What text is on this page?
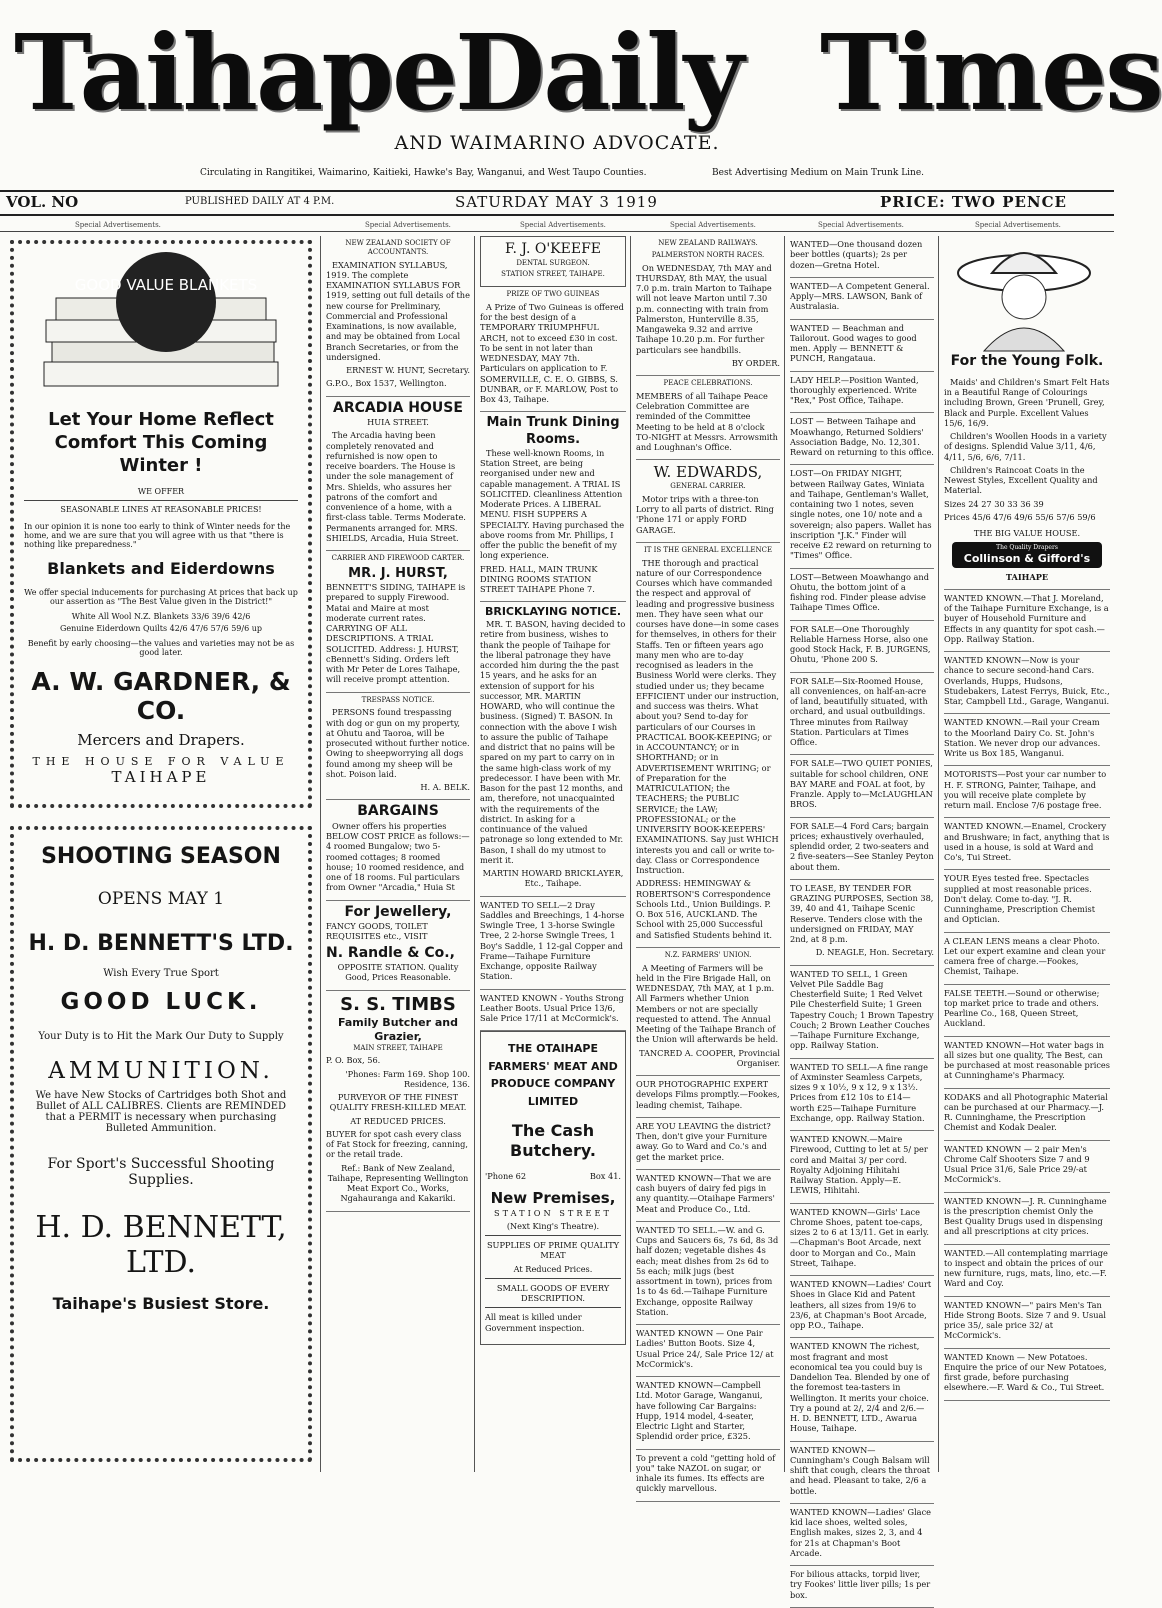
Taihape
Daily Times
AND WAIMARINO ADVOCATE.
Circulating in Rangitikei, Waimarino, Kaitieki, Hawke's Bay, Wanganui, and West Taupo Counties.	Best Advertising Medium on Main Trunk Line.
VOL. NO	PUBLISHED DAILY AT 4 P.M.	SATURDAY MAY 3 1919	PRICE: TWO PENCE
Special Advertisements.	Special Advertisements.	Special Advertisements.	Special Advertisements.	Special Advertisements.	Special Advertisements.
GOOD VALUE BLANKETS
Let Your Home Reflect Comfort This Coming Winter !

WE OFFER

SEASONABLE LINES AT REASONABLE PRICES!

In our opinion it is none too early to think of Winter needs for the home, and we are sure that you will agree with us that "there is nothing like preparedness."

Blankets and Eiderdowns

We offer special inducements for purchasing At prices that back up our assertion as "The Best Value given in the District!"

White All Wool N.Z. Blankets 33/6 39/6 42/6

Genuine Eiderdown Quilts 42/6 47/6 57/6 59/6 up

Benefit by early choosing—the values and varieties may not be as good later.

A. W. GARDNER, & CO.
Mercers and Drapers.
THE HOUSE FOR VALUE
TAIHAPE
SHOOTING SEASON
OPENS MAY 1
H. D. BENNETT'S LTD.

Wish Every True Sport

GOOD LUCK.

Your Duty is to Hit the Mark Our Duty to Supply

AMMUNITION.

We have New Stocks of Cartridges both Shot and Bullet of ALL CALIBRES. Clients are REMINDED that a PERMIT is necessary when purchasing Bulleted Ammunition.

For Sport's Successful Shooting Supplies.
H. D. BENNETT, LTD.
Taihape's Busiest Store.

NEW ZEALAND SOCIETY OF ACCOUNTANTS.

EXAMINATION SYLLABUS, 1919. The complete EXAMINATION SYLLABUS FOR 1919, setting out full details of the new course for Preliminary, Commercial and Professional Examinations, is now available, and may be obtained from Local Branch Secretaries, or from the undersigned.

ERNEST W. HUNT, Secretary.

G.P.O., Box 1537, Wellington.

ARCADIA HOUSE

HUIA STREET.

The Arcadia having been completely renovated and refurnished is now open to receive boarders. The House is under the sole management of Mrs. Shields, who assures her patrons of the comfort and convenience of a home, with a first-class table. Terms Moderate. Permanents arranged for. MRS. SHIELDS, Arcadia, Huia Street.

CARRIER AND FIREWOOD CARTER.

MR. J. HURST,

BENNETT'S SIDING, TAIHAPE is prepared to supply Firewood. Matai and Maire at most moderate current rates. CARRYING OF ALL DESCRIPTIONS. A TRIAL SOLICITED. Address: J. HURST, cBennett's Siding. Orders left with Mr Peter de Lores Taihape, will receive prompt attention.

TRESPASS NOTICE.

PERSONS found trespassing with dog or gun on my property, at Ohutu and Taoroa, will be prosecuted without further notice. Owing to sheepworrying all dogs found among my sheep will be shot. Poison laid.

H. A. BELK.

BARGAINS

Owner offers his properties BELOW COST PRICE as follows:—4 roomed Bungalow; two 5-roomed cottages; 8 roomed house; 10 roomed residence, and one of 18 rooms. Ful particulars from Owner "Arcadia," Huia St

For Jewellery,

FANCY GOODS, TOILET REQUISITES etc., VISIT

N. Randle & Co.,

OPPOSITE STATION. Quality Good, Prices Reasonable.

S. S. TIMBS
Family Butcher and Grazier,

MAIN STREET, TAIHAPE

P. O. Box, 56.

'Phones: Farm 169. Shop 100. Residence, 136.

PURVEYOR OF THE FINEST QUALITY FRESH-KILLED MEAT.

AT REDUCED PRICES.

BUYER for spot cash every class of Fat Stock for freezing, canning, or the retail trade.

Ref.: Bank of New Zealand, Taihape, Representing Wellington Meat Export Co., Works, Ngahauranga and Kakariki.

F. J. O'KEEFE

DENTAL SURGEON.

STATION STREET, TAIHAPE.

PRIZE OF TWO GUINEAS

A Prize of Two Guineas is offered for the best design of a TEMPORARY TRIUMPHFUL ARCH, not to exceed £30 in cost. To be sent in not later than WEDNESDAY, MAY 7th. Particulars on application to F. SOMERVILLE, C. E. O. GIBBS, S. DUNBAR, or F. MARLOW, Post to Box 43, Taihape.

Main Trunk Dining Rooms.

These well-known Rooms, in Station Street, are being reorganised under new and capable management. A TRIAL IS SOLICITED. Cleanliness Attention Moderate Prices. A LIBERAL MENU. FISH SUPPERS A SPECIALTY. Having purchased the above rooms from Mr. Phillips, I offer the public the benefit of my long experience.

FRED. HALL, MAIN TRUNK DINING ROOMS STATION STREET TAIHAPE Phone 7.

BRICKLAYING NOTICE.

MR. T. BASON, having decided to retire from business, wishes to thank the people of Taihape for the liberal patronage they have accorded him during the the past 15 years, and he asks for an extension of support for his successor, MR. MARTIN HOWARD, who will continue the business. (Signed) T. BASON. In connection with the above I wish to assure the public of Taihape and district that no pains will be spared on my part to carry on in the same high-class work of my predecessor. I have been with Mr. Bason for the past 12 months, and am, therefore, not unacquainted with the requirements of the district. In asking for a continuance of the valued patronage so long extended to Mr. Bason, I shall do my utmost to merit it.

MARTIN HOWARD BRICKLAYER, Etc., Taihape.

WANTED TO SELL—2 Dray Saddles and Breechings, 1 4-horse Swingle Tree, 1 3-horse Swingle Tree, 2 2-horse Swingle Trees, 1 Boy's Saddle, 1 12-gal Copper and Frame—Taihape Furniture Exchange, opposite Railway Station.

WANTED KNOWN - Youths Strong Leather Boots. Usual Price 13/6, Sale Price 17/11 at McCormick's.

THE OTAIHAPE FARMERS' MEAT AND PRODUCE COMPANY LIMITED
The Cash Butchery.

'Phone 62	Box 41.

New Premises,

STATION STREET

(Next King's Theatre).

SUPPLIES OF PRIME QUALITY MEAT

At Reduced Prices.

SMALL GOODS OF EVERY DESCRIPTION.

All meat is killed under Government inspection.

NEW ZEALAND RAILWAYS.

PALMERSTON NORTH RACES.

On WEDNESDAY, 7th MAY and THURSDAY, 8th MAY, the usual 7.0 p.m. train Marton to Taihape will not leave Marton until 7.30 p.m. connecting with train from Palmerston, Hunterville 8.35, Mangaweka 9.32 and arrive Taihape 10.20 p.m. For further particulars see handbills.

BY ORDER.

PEACE CELEBRATIONS.

MEMBERS of all Taihape Peace Celebration Committee are reminded of the Committee Meeting to be held at 8 o'clock TO-NIGHT at Messrs. Arrowsmith and Loughnan's Office.

W. EDWARDS,

GENERAL CARRIER.

Motor trips with a three-ton Lorry to all parts of district. Ring 'Phone 171 or apply FORD GARAGE.

IT IS THE GENERAL EXCELLENCE

THE thorough and practical nature of our Correspondence Courses which have commanded the respect and approval of leading and progressive business men. They have seen what our courses have done—in some cases for themselves, in others for their Staffs. Ten or fifteen years ago many men who are to-day recognised as leaders in the Business World were clerks. They studied under us; they became EFFICIENT under our instruction, and success was theirs. What about you? Send to-day for particulars of our Courses in PRACTICAL BOOK-KEEPING; or in ACCOUNTANCY; or in SHORTHAND; or in ADVERTISEMENT WRITING; or of Preparation for the MATRICULATION; the TEACHERS; the PUBLIC SERVICE; the LAW; PROFESSIONAL; or the UNIVERSITY BOOK-KEEPERS' EXAMINATIONS. Say just WHICH interests you and call or write to-day. Class or Correspondence Instruction.

ADDRESS: HEMINGWAY & ROBERTSON'S Correspondence Schools Ltd., Union Buildings. P. O. Box 516, AUCKLAND. The School with 25,000 Successful and Satisfied Students behind it.

N.Z. FARMERS' UNION.

A Meeting of Farmers will be held in the Fire Brigade Hall, on WEDNESDAY, 7th MAY, at 1 p.m. All Farmers whether Union Members or not are specially requested to attend. The Annual Meeting of the Taihape Branch of the Union will afterwards be held.

TANCRED A. COOPER, Provincial Organiser.

OUR PHOTOGRAPHIC EXPERT develops Films promptly.—Fookes, leading chemist, Taihape.

ARE YOU LEAVING the district? Then, don't give your Furniture away. Go to Ward and Co.'s and get the market price.

WANTED KNOWN—That we are cash buyers of dairy fed pigs in any quantity.—Otaihape Farmers' Meat and Produce Co., Ltd.

WANTED TO SELL.—W. and G. Cups and Saucers 6s, 7s 6d, 8s 3d half dozen; vegetable dishes 4s each; meat dishes from 2s 6d to 5s each; milk jugs (best assortment in town), prices from 1s to 4s 6d.—Taihape Furniture Exchange, opposite Railway Station.

WANTED KNOWN — One Pair Ladies' Button Boots. Size 4, Usual Price 24/, Sale Price 12/ at McCormick's.

WANTED KNOWN—Campbell Ltd. Motor Garage, Wanganui, have following Car Bargains: Hupp, 1914 model, 4-seater, Electric Light and Starter, Splendid order price, £325.

To prevent a cold "getting hold of you" take NAZOL on sugar, or inhale its fumes. Its effects are quickly marvellous.

WANTED—One thousand dozen beer bottles (quarts); 2s per dozen—Gretna Hotel.

WANTED—A Competent General. Apply—MRS. LAWSON, Bank of Australasia.

WANTED — Beachman and Tailorout. Good wages to good men. Apply — BENNETT & PUNCH, Rangataua.

LADY HELP.—Position Wanted, thoroughly experienced. Write "Rex," Post Office, Taihape.

LOST — Between Taihape and Moawhango, Returned Soldiers' Association Badge, No. 12,301. Reward on returning to this office.

LOST—On FRIDAY NIGHT, between Railway Gates, Winiata and Taihape, Gentleman's Wallet, containing two 1 notes, seven single notes, one 10/ note and a sovereign; also papers. Wallet has inscription "J.K." Finder will receive £2 reward on returning to "Times" Office.

LOST—Between Moawhango and Ohutu, the bottom joint of a fishing rod. Finder please advise Taihape Times Office.

FOR SALE—One Thoroughly Reliable Harness Horse, also one good Stock Hack, F. B. JURGENS, Ohutu, 'Phone 200 S.

FOR SALE—Six-Roomed House, all conveniences, on half-an-acre of land, beautifully situated, with orchard, and usual outbuildings. Three minutes from Railway Station. Particulars at Times Office.

FOR SALE—TWO QUIET PONIES, suitable for school children, ONE BAY MARE and FOAL at foot, by Franzle. Apply to—McLAUGHLAN BROS.

FOR SALE—4 Ford Cars; bargain prices; exhaustively overhauled, splendid order, 2 two-seaters and 2 five-seaters—See Stanley Peyton about them.

TO LEASE, BY TENDER FOR GRAZING PURPOSES, Section 38, 39, 40 and 41, Taihape Scenic Reserve. Tenders close with the undersigned on FRIDAY, MAY 2nd, at 8 p.m.

D. NEAGLE, Hon. Secretary.

WANTED TO SELL, 1 Green Velvet Pile Saddle Bag Chesterfield Suite; 1 Red Velvet Pile Chesterfield Suite; 1 Green Tapestry Couch; 1 Brown Tapestry Couch; 2 Brown Leather Couches—Taihape Furniture Exchange, opp. Railway Station.

WANTED TO SELL—A fine range of Axminster Seamless Carpets, sizes 9 x 10½, 9 x 12, 9 x 13½. Prices from £12 10s to £14—worth £25—Taihape Furniture Exchange, opp. Railway Station.

WANTED KNOWN.—Maire Firewood, Cutting to let at 5/ per cord and Maitai 3/ per cord. Royalty Adjoining Hihitahi Railway Station. Apply—E. LEWIS, Hihitahi.

WANTED KNOWN—Girls' Lace Chrome Shoes, patent toe-caps, sizes 2 to 6 at 13/11. Get in early.—Chapman's Boot Arcade, next door to Morgan and Co., Main Street, Taihape.

WANTED KNOWN—Ladies' Court Shoes in Glace Kid and Patent leathers, all sizes from 19/6 to 23/6, at Chapman's Boot Arcade, opp P.O., Taihape.

WANTED KNOWN The richest, most fragrant and most economical tea you could buy is Dandelion Tea. Blended by one of the foremost tea-tasters in Wellington. It merits your choice. Try a pound at 2/, 2/4 and 2/6.—H. D. BENNETT, LTD., Awarua House, Taihape.

WANTED KNOWN—Cunningham's Cough Balsam will shift that cough, clears the throat and head. Pleasant to take, 2/6 a bottle.

WANTED KNOWN—Ladies' Glace kid lace shoes, welted soles, English makes, sizes 2, 3, and 4 for 21s at Chapman's Boot Arcade.

For bilious attacks, torpid liver, try Fookes' little liver pills; 1s per box.

For the Young Folk.

Maids' and Children's Smart Felt Hats in a Beautiful Range of Colourings including Brown, Green 'Prunell, Grey, Black and Purple. Excellent Values 15/6, 16/9.

Children's Woollen Hoods in a variety of designs. Splendid Value 3/11, 4/6, 4/11, 5/6, 6/6, 7/11.

Children's Raincoat Coats in the Newest Styles, Excellent Quality and Material.

Sizes 24 27 30 33 36 39

Prices 45/6 47/6 49/6 55/6 57/6 59/6

THE BIG VALUE HOUSE.

The Quality Drapers
Collinson & Gifford's

TAIHAPE

WANTED KNOWN.—That J. Moreland, of the Taihape Furniture Exchange, is a buyer of Household Furniture and Effects in any quantity for spot cash.—Opp. Railway Station.

WANTED KNOWN—Now is your chance to secure second-hand Cars. Overlands, Hupps, Hudsons, Studebakers, Latest Ferrys, Buick, Etc., Star, Campbell Ltd., Garage, Wanganui.

WANTED KNOWN.—Rail your Cream to the Moorland Dairy Co. St. John's Station. We never drop our advances. Write us Box 185, Wanganui.

MOTORISTS—Post your car number to H. F. STRONG, Painter, Taihape, and you will receive plate complete by return mail. Enclose 7/6 postage free.

WANTED KNOWN.—Enamel, Crockery and Brushware; in fact, anything that is used in a house, is sold at Ward and Co's, Tui Street.

YOUR Eyes tested free. Spectacles supplied at most reasonable prices. Don't delay. Come to-day. "J. R. Cunninghame, Prescription Chemist and Optician.

A CLEAN LENS means a clear Photo. Let our expert examine and clean your camera free of charge.—Fookes, Chemist, Taihape.

FALSE TEETH.—Sound or otherwise; top market price to trade and others. Pearline Co., 168, Queen Street, Auckland.

WANTED KNOWN—Hot water bags in all sizes but one quality, The Best, can be purchased at most reasonable prices at Cunninghame's Pharmacy.

KODAKS and all Photographic Material can be purchased at our Pharmacy.—J. R. Cunninghame, the Prescription Chemist and Kodak Dealer.

WANTED KNOWN — 2 pair Men's Chrome Calf Shooters Size 7 and 9 Usual Price 31/6, Sale Price 29/-at McCormick's.

WANTED KNOWN—J. R. Cunninghame is the prescription chemist Only the Best Quality Drugs used in dispensing and all prescriptions at city prices.

WANTED.—All contemplating marriage to inspect and obtain the prices of our new furniture, rugs, mats, lino, etc.—F. Ward and Coy.

WANTED KNOWN—" pairs Men's Tan Hide Strong Boots. Size 7 and 9. Usual price 35/, sale price 32/ at McCormick's.

WANTED Known — New Potatoes. Enquire the price of our New Potatoes, first grade, before purchasing elsewhere.—F. Ward & Co., Tui Street.
